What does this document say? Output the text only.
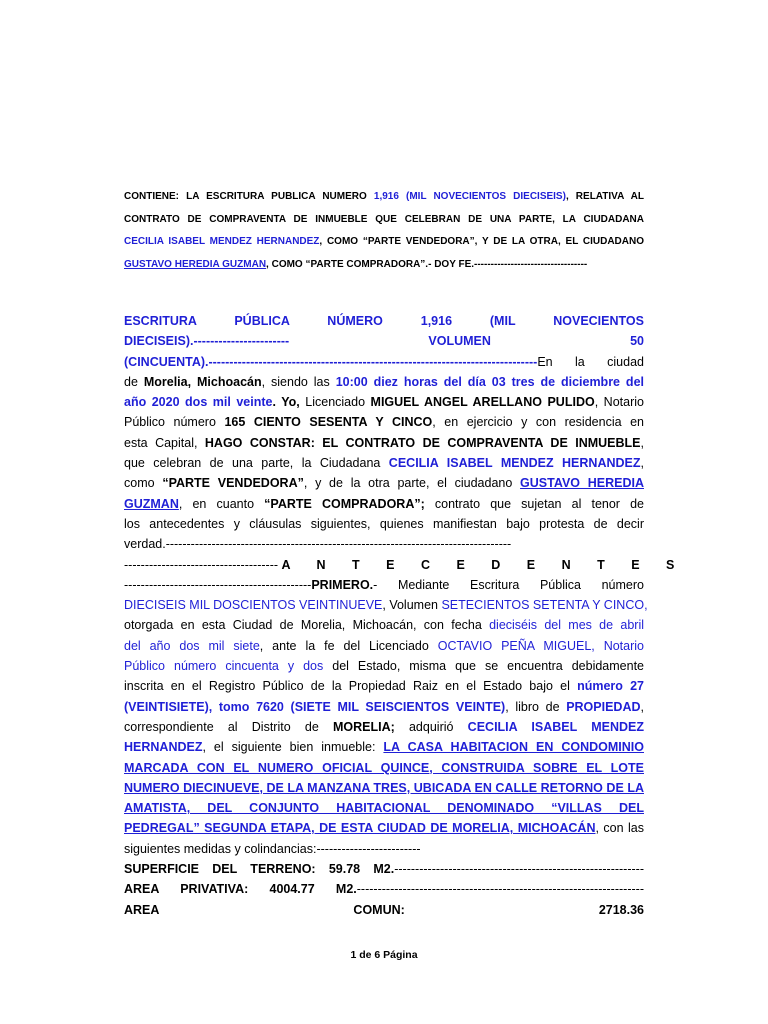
CONTIENE: LA ESCRITURA PUBLICA NUMERO 1,916 (MIL NOVECIENTOS DIECISEIS), RELATIVA AL
CONTRATO DE COMPRAVENTA DE INMUEBLE QUE CELEBRAN DE UNA PARTE, LA CIUDADANA
CECILIA ISABEL MENDEZ HERNANDEZ, COMO “PARTE VENDEDORA”, Y DE LA OTRA, EL CIUDADANO
GUSTAVO HEREDIA GUZMAN, COMO “PARTE COMPRADORA”.- DOY FE.----------------------------------
ESCRITURA PÚBLICA NÚMERO 1,916 (MIL NOVECIENTOS
DIECISEIS).-----------------------	VOLUMEN	50
(CINCUENTA).-------------------------------------------------------------------------------En la ciudad
de Morelia, Michoacán, siendo las 10:00 diez horas del día 03 tres de diciembre del
año 2020 dos mil veinte. Yo, Licenciado MIGUEL ANGEL ARELLANO PULIDO, Notario
Público número 165 CIENTO SESENTA Y CINCO, en ejercicio y con residencia en
esta Capital, HAGO CONSTAR: EL CONTRATO DE COMPRAVENTA DE INMUEBLE,
que celebran de una parte, la Ciudadana CECILIA ISABEL MENDEZ HERNANDEZ,
como “PARTE VENDEDORA”, y de la otra parte, el ciudadano GUSTAVO HEREDIA
GUZMAN, en cuanto “PARTE COMPRADORA”; contrato que sujetan al tenor de
los antecedentes y cláusulas siguientes, quienes manifiestan bajo protesta de decir
verdad.-----------------------------------------------------------------------------------
------------------------------------- A N T E C E D E N T E S
---------------------------------------------PRIMERO.- Mediante Escritura Pública número
DIECISEIS MIL DOSCIENTOS VEINTINUEVE, Volumen SETECIENTOS SETENTA Y CINCO,
otorgada en esta Ciudad de Morelia, Michoacán, con fecha dieciséis del mes de abril
del año dos mil siete, ante la fe del Licenciado OCTAVIO PEÑA MIGUEL, Notario
Público número cincuenta y dos del Estado, misma que se encuentra debidamente
inscrita en el Registro Público de la Propiedad Raiz en el Estado bajo el número 27
(VEINTISIETE), tomo 7620 (SIETE MIL SEISCIENTOS VEINTE), libro de PROPIEDAD,
correspondiente al Distrito de MORELIA; adquirió CECILIA ISABEL MENDEZ
HERNANDEZ, el siguiente bien inmueble: LA CASA HABITACION EN CONDOMINIO
MARCADA CON EL NUMERO OFICIAL QUINCE, CONSTRUIDA SOBRE EL LOTE
NUMERO DIECINUEVE, DE LA MANZANA TRES, UBICADA EN CALLE RETORNO DE LA
AMATISTA, DEL CONJUNTO HABITACIONAL DENOMINADO “VILLAS DEL
PEDREGAL” SEGUNDA ETAPA, DE ESTA CIUDAD DE MORELIA, MICHOACÁN, con las
siguientes medidas y colindancias:-------------------------
SUPERFICIE DEL TERRENO: 59.78 M2.------------------------------------------------------------
AREA PRIVATIVA: 4004.77 M2.---------------------------------------------------------------------
AREA	COMUN:	2718.36
1 de 6 Página
